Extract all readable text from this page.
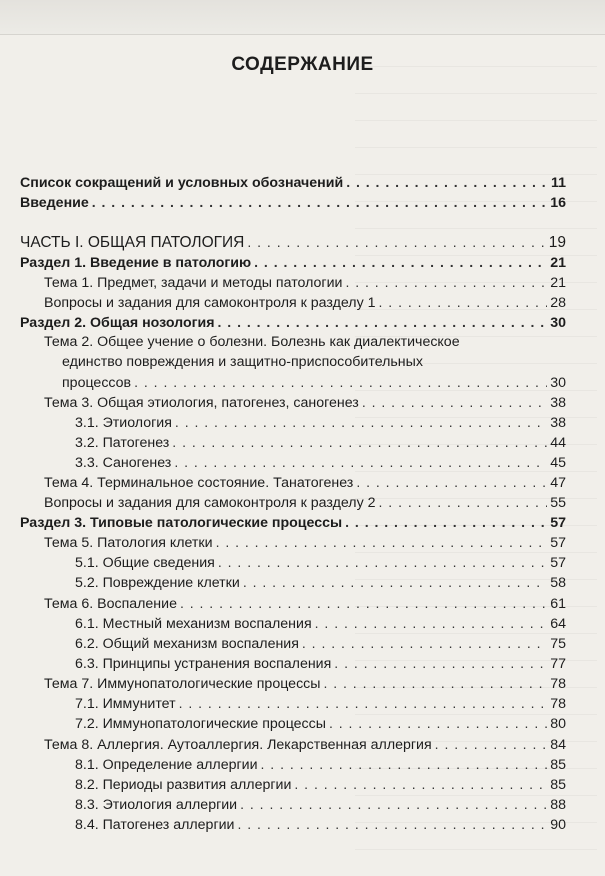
СОДЕРЖАНИЕ
Список сокращений и условных обозначений . . .	11
Введение . . .	16
ЧАСТЬ I. ОБЩАЯ ПАТОЛОГИЯ . . .	19
Раздел 1. Введение в патологию . . .	21
Тема 1. Предмет, задачи и методы патологии . . .	21
Вопросы и задания для самоконтроля к разделу 1 . . .	28
Раздел 2. Общая нозология . . .	30
Тема 2. Общее учение о болезни. Болезнь как диалектическое
единство повреждения и защитно-приспособительных
процессов . . .	30
Тема 3. Общая этиология, патогенез, саногенез . . .	38
3.1. Этиология . . .	38
3.2. Патогенез . . .	44
3.3. Саногенез . . .	45
Тема 4. Терминальное состояние. Танатогенез . . .	47
Вопросы и задания для самоконтроля к разделу 2 . . .	55
Раздел 3. Типовые патологические процессы . . .	57
Тема 5. Патология клетки . . .	57
5.1. Общие сведения . . .	57
5.2. Повреждение клетки . . .	58
Тема 6. Воспаление . . .	61
6.1. Местный механизм воспаления . . .	64
6.2. Общий механизм воспаления . . .	75
6.3. Принципы устранения воспаления . . .	77
Тема 7. Иммунопатологические процессы . . .	78
7.1. Иммунитет . . .	78
7.2. Иммунопатологические процессы . . .	80
Тема 8. Аллергия. Аутоаллергия. Лекарственная аллергия . . .	84
8.1. Определение аллергии . . .	85
8.2. Периоды развития аллергии . . .	85
8.3. Этиология аллергии . . .	88
8.4. Патогенез аллергии . . .	90
